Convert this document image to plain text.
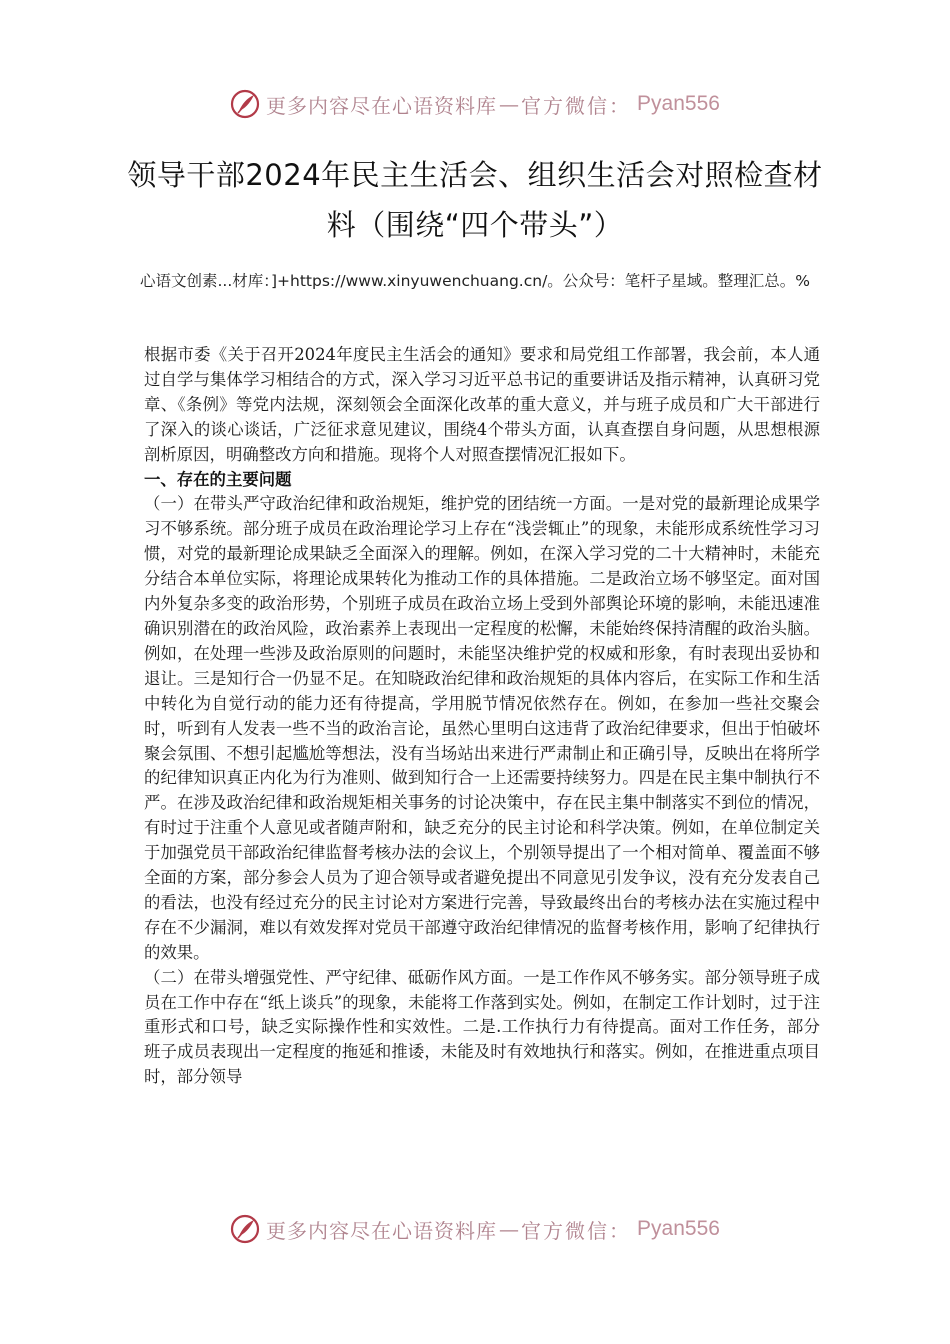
更多内容尽在心语资料库 — 官方微信： Pyan556
领导干部2024年民主生活会、组织生活会对照检查材料（围绕“四个带头”）
心语文创素...材库：]+https://www.xinyuwenchuang.cn/。公众号：笔杆子星域。整理汇总。%

根据市委《关于召开2024年度民主生活会的通知》要求和局党组工作部署，我会前，本人通过自学与集体学习相结合的方式，深入学习习近平总书记的重要讲话及指示精神，认真研习党章、《条例》等党内法规，深刻领会全面深化改革的重大意义，并与班子成员和广大干部进行了深入的谈心谈话，广泛征求意见建议，围绕4个带头方面，认真查摆自身问题，从思想根源剖析原因，明确整改方向和措施。现将个人对照查摆情况汇报如下。

一、存在的主要问题

（一）在带头严守政治纪律和政治规矩，维护党的团结统一方面。一是对党的最新理论成果学习不够系统。部分班子成员在政治理论学习上存在“浅尝辄止”的现象，未能形成系统性学习习惯，对党的最新理论成果缺乏全面深入的理解。例如，在深入学习党的二十大精神时，未能充分结合本单位实际，将理论成果转化为推动工作的具体措施。二是政治立场不够坚定。面对国内外复杂多变的政治形势，个别班子成员在政治立场上受到外部舆论环境的影响，未能迅速准确识别潜在的政治风险，政治素养上表现出一定程度的松懈，未能始终保持清醒的政治头脑。例如，在处理一些涉及政治原则的问题时，未能坚决维护党的权威和形象，有时表现出妥协和退让。三是知行合一仍显不足。在知晓政治纪律和政治规矩的具体内容后，在实际工作和生活中转化为自觉行动的能力还有待提高，学用脱节情况依然存在。例如，在参加一些社交聚会时，听到有人发表一些不当的政治言论，虽然心里明白这违背了政治纪律要求，但出于怕破坏聚会氛围、不想引起尴尬等想法，没有当场站出来进行严肃制止和正确引导，反映出在将所学的纪律知识真正内化为行为准则、做到知行合一上还需要持续努力。四是在民主集中制执行不严。在涉及政治纪律和政治规矩相关事务的讨论决策中，存在民主集中制落实不到位的情况，有时过于注重个人意见或者随声附和，缺乏充分的民主讨论和科学决策。例如，在单位制定关于加强党员干部政治纪律监督考核办法的会议上，个别领导提出了一个相对简单、覆盖面不够全面的方案，部分参会人员为了迎合领导或者避免提出不同意见引发争议，没有充分发表自己的看法，也没有经过充分的民主讨论对方案进行完善，导致最终出台的考核办法在实施过程中存在不少漏洞，难以有效发挥对党员干部遵守政治纪律情况的监督考核作用，影响了纪律执行的效果。

（二）在带头增强党性、严守纪律、砥砺作风方面。一是工作作风不够务实。部分领导班子成员在工作中存在“纸上谈兵”的现象，未能将工作落到实处。例如，在制定工作计划时，过于注重形式和口号，缺乏实际操作性和实效性。二是.工作执行力有待提高。面对工作任务，部分班子成员表现出一定程度的拖延和推诿，未能及时有效地执行和落实。例如，在推进重点项目时，部分领导

更多内容尽在心语资料库 — 官方微信： Pyan556
